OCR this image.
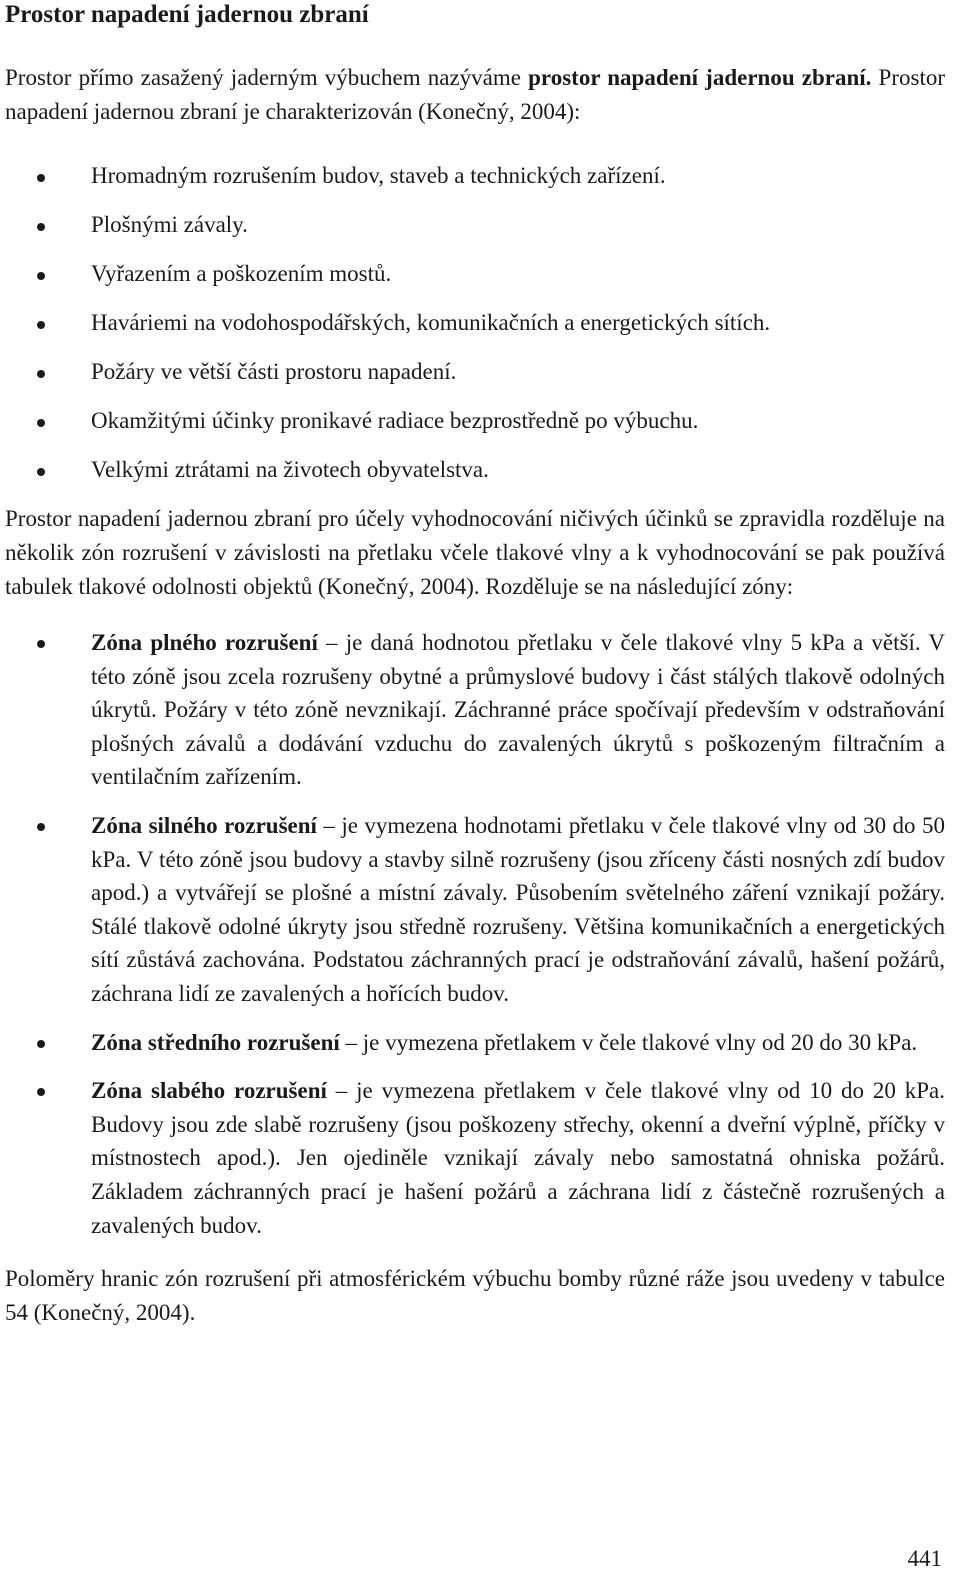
Prostor napadení jadernou zbraní

Prostor přímo zasažený jaderným výbuchem nazýváme prostor napadení jadernou zbraní. Prostor napadení jadernou zbraní je charakterizován (Konečný, 2004):

Hromadným rozrušením budov, staveb a technických zařízení.
Plošnými závaly.
Vyřazením a poškozením mostů.
Haváriemi na vodohospodářských, komunikačních a energetických sítích.
Požáry ve větší části prostoru napadení.
Okamžitými účinky pronikavé radiace bezprostředně po výbuchu.
Velkými ztrátami na životech obyvatelstva.

Prostor napadení jadernou zbraní pro účely vyhodnocování ničivých účinků se zpravidla rozděluje na několik zón rozrušení v závislosti na přetlaku včele tlakové vlny a k vyhodnocování se pak používá tabulek tlakové odolnosti objektů (Konečný, 2004). Rozděluje se na následující zóny:

Zóna plného rozrušení – je daná hodnotou přetlaku v čele tlakové vlny 5 kPa a větší. V této zóně jsou zcela rozrušeny obytné a průmyslové budovy i část stálých tlakově odolných úkrytů. Požáry v této zóně nevznikají. Záchranné práce spočívají především v odstraňování plošných závalů a dodávání vzduchu do zavalených úkrytů s poškozeným filtračním a ventilačním zařízením.
Zóna silného rozrušení – je vymezena hodnotami přetlaku v čele tlakové vlny od 30 do 50 kPa. V této zóně jsou budovy a stavby silně rozrušeny (jsou zříceny části nosných zdí budov apod.) a vytvářejí se plošné a místní závaly. Působením světelného záření vznikají požáry. Stálé tlakově odolné úkryty jsou středně rozrušeny. Většina komunikačních a energetických sítí zůstává zachována. Podstatou záchranných prací je odstraňování závalů, hašení požárů, záchrana lidí ze zavalených a hořících budov.
Zóna středního rozrušení – je vymezena přetlakem v čele tlakové vlny od 20 do 30 kPa.
Zóna slabého rozrušení – je vymezena přetlakem v čele tlakové vlny od 10 do 20 kPa. Budovy jsou zde slabě rozrušeny (jsou poškozeny střechy, okenní a dveřní výplně, příčky v místnostech apod.). Jen ojediněle vznikají závaly nebo samostatná ohniska požárů. Základem záchranných prací je hašení požárů a záchrana lidí z částečně rozrušených a zavalených budov.

Poloměry hranic zón rozrušení při atmosférickém výbuchu bomby různé ráže jsou uvedeny v tabulce 54 (Konečný, 2004).

441
